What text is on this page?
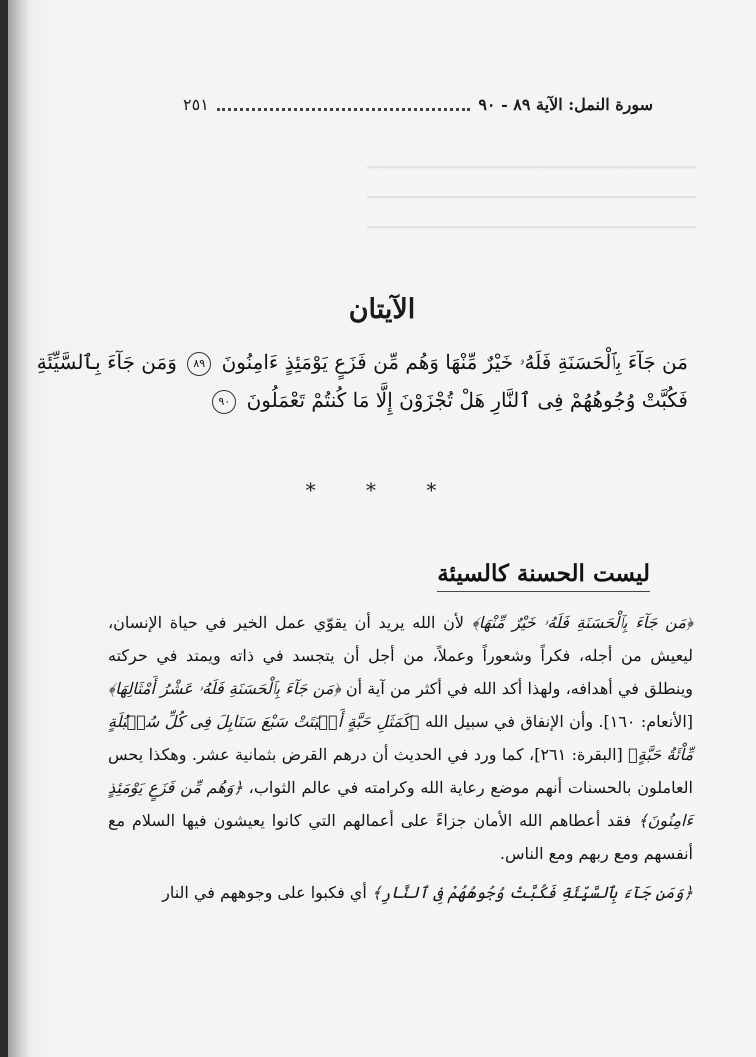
سورة النمل: الآية ٨٩ - ٩٠
٢٥١
━━━━━━━━━━━━━━━━━━━━━━━━━━━━━━━━━━━━━━━
━━━━━━━━━━━━━━━━━━━━━━━━━━━━━━━━━━━━━━━
━━━━━━━━━━━━━━━━━━━━━━━━━━━━━━━━━━━━━━━
الآيتان
مَن جَآءَ بِٱلْحَسَنَةِ فَلَهُۥ خَيْرٌ مِّنْهَا وَهُم مِّن فَزَعٍ يَوْمَئِذٍ ءَامِنُونَ ٨٩ وَمَن جَآءَ بِٱلسَّيِّئَةِ
فَكُبَّتْ وُجُوهُهُمْ فِى ٱلنَّارِ هَلْ تُجْزَوْنَ إِلَّا مَا كُنتُمْ تَعْمَلُونَ ٩٠
* * *
ليست الحسنة كالسيئة

﴿مَن جَآءَ بِٱلْحَسَنَةِ فَلَهُۥ خَيْرٌ مِّنْهَا﴾ لأن الله يريد أن يقوّي عمل الخير في حياة الإنسان، ليعيش من أجله، فكراً وشعوراً وعملاً، من أجل أن يتجسد في ذاته ويمتد في حركته وينطلق في أهدافه، ولهذا أكد الله في أكثر من آية أن ﴿مَن جَآءَ بِٱلْحَسَنَةِ فَلَهُۥ عَشْرُ أَمْثَالِهَا﴾ [الأنعام: ١٦٠]. وأن الإنفاق في سبيل الله ﴿كَمَثَلِ حَبَّةٍ أَنۢبَتَتْ سَبْعَ سَنَابِلَ فِى كُلِّ سُنۢبُلَةٍ مِّاْئَةُ حَبَّةٍ﴾ [البقرة: ٢٦١]، كما ورد في الحديث أن درهم القرض بثمانية عشر. وهكذا يحس العاملون بالحسنات أنهم موضع رعاية الله وكرامته في عالم الثواب، ﴿وَهُم مِّن فَزَعٍ يَوْمَئِذٍ ءَامِنُونَ﴾ فقد أعطاهم الله الأمان جزاءً على أعمالهم التي كانوا يعيشون فيها السلام مع أنفسهم ومع ربهم ومع الناس.

﴿وَمَن جَآءَ بِٱلسَّيِّئَةِ فَكُبَّتْ وُجُوهُهُمْ فِى ٱلنَّارِ﴾ أي فكبوا على وجوههم في النار
